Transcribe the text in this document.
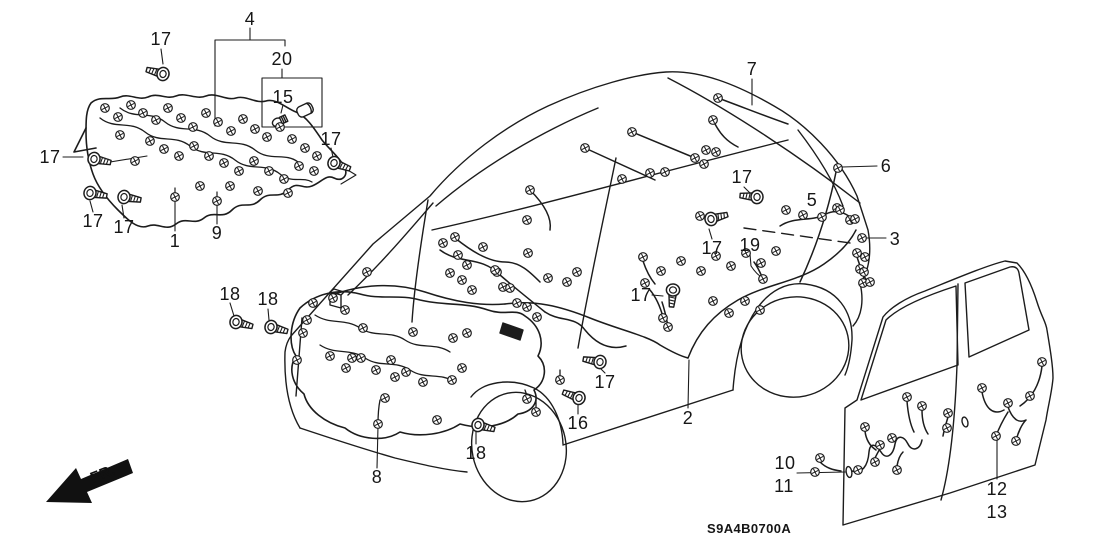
17
4
20
15
17
17 17
17
1 9
7
6
5
17
3
17 19
17
17
16	2
18 18
8
18	10
11	12
13
S9A4B0700A
FR.
